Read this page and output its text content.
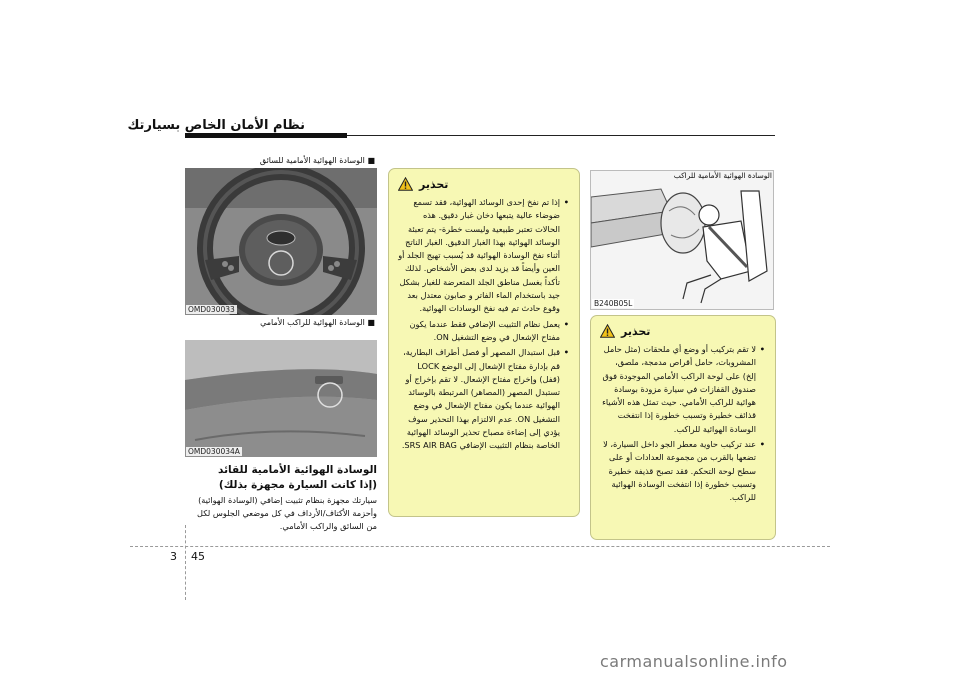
نظام الأمان الخاص بسيارتك
■ الوسادة الهوائية الأمامية للسائق
OMD030033
■ الوسادة الهوائية للراكب الأمامي
OMD030034A
الوسادة الهوائية الأمامية للقائد
(إذا كانت السيارة مجهزة بذلك)
سيارتك مجهزة بنظام تثبيت إضافي (الوسادة الهوائية) وأحزمة الأكتاف/الأرداف في كل موضعي الجلوس لكل من السائق والراكب الأمامي.
تحذير
• إذا تم نفخ إحدى الوسائد الهوائية، فقد تسمع ضوضاء عالية يتبعها دخان غبار دقيق. هذه الحالات تعتبر طبيعية وليست خطرة- يتم تعبئة الوسائد الهوائية بهذا الغبار الدقيق. الغبار الناتج أثناء نفخ الوسادة الهوائية قد يُسبب تهيج الجلد أو العين وأيضاً قد يزيد لدى بعض الأشخاص. لذلك تأكداً بغسل مناطق الجلد المتعرضة للغبار بشكل جيد باستخدام الماء الفاتر و صابون معتدل بعد وقوع حادث تم فيه نفخ الوسادات الهوائية.
• يعمل نظام التثبيت الإضافي فقط عندما يكون مفتاح الإشعال في وضع التشغيل ON.
• قبل استبدال المصهر أو فصل أطراف البطارية، قم بإدارة مفتاح الإشعال إلى الوضع LOCK (قفل) وإخراج مفتاح الإشعال. لا تقم بإخراج أو تستبدل المصهر (المصاهر) المرتبطة بالوسائد الهوائية عندما يكون مفتاح الإشعال في وضع التشغيل ON. عدم الالتزام بهذا التحذير سوف يؤدي إلى إضاءة مصباح تحذير الوسائد الهوائية الخاصة بنظام التثبيت الإضافي SRS AIR BAG.
الوسادة الهوائية الأمامية للراكب
B240B05L
تحذير
• لا تقم بتركيب أو وضع أي ملحقات (مثل حامل المشروبات، حامل أقراص مدمجة، ملصق، إلخ) على لوحة الراكب الأمامي الموجودة فوق صندوق القفازات في سيارة مزودة بوسادة هوائية للراكب الأمامي. حيث تمثل هذه الأشياء قذائف خطيرة وتسبب خطورة إذا انتفخت الوسادة الهوائية للراكب.
• عند تركيب حاوية معطر الجو داخل السيارة، لا تضعها بالقرب من مجموعة العدادات أو على سطح لوحة التحكم. فقد تصبح قذيفة خطيرة وتسبب خطورة إذا انتفخت الوسادة الهوائية للراكب.
3 45
carmanualsonline.info
